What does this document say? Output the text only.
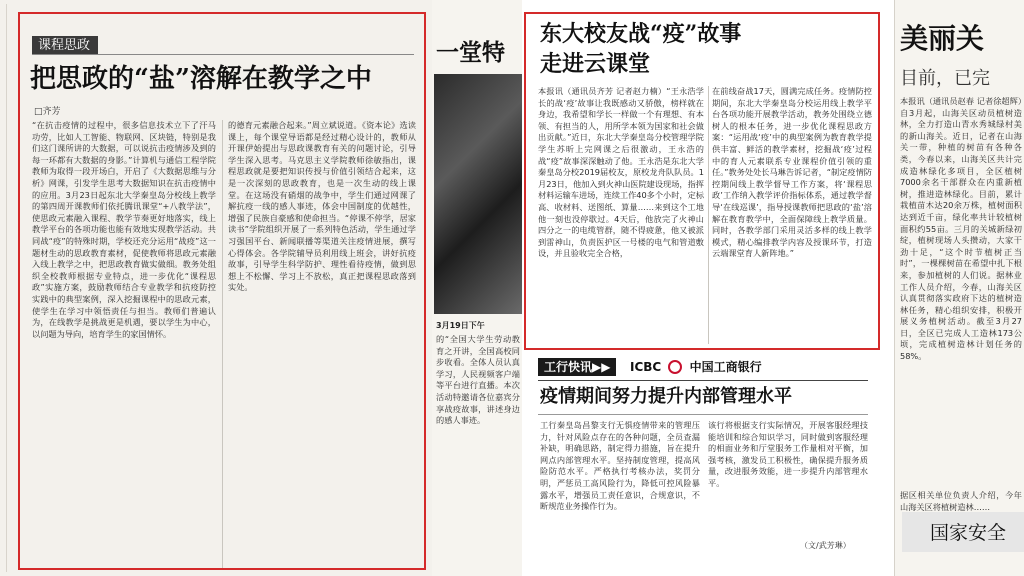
课程思政
把思政的“盐”溶解在教学之中
□齐芳
“在抗击疫情的过程中，很多信息技术立下了汗马功劳，比如人工智能、物联网、区块链，特别是我们这门课所讲的大数据，可以说抗击疫情涉及到的每一环都有大数据的身影。”计算机与通信工程学院教师为取得一段开场白，开启了《大数据思维与分析》网课，引发学生思考大数据知识在抗击疫情中的应用。3月23日起东北大学秦皇岛分校线上教学的第四周开课教师们依托腾讯课堂“+八教学法”，使思政元素融入课程、教学节奏更好地落实，线上教学平台的各项功能也能有效地实现教学活动。共同战“疫”的特殊时期，学校还充分运用“战疫”这一题材生动的思政教育素材，促使教师将思政元素融入线上教学之中，把思政教育做实做细。教务处组织全校教师根据专业特点，进一步优化“课程思政”实施方案，鼓励教师结合专业教学和抗疫防控实践中的典型案例，深入挖掘课程中的思政元素，使学生在学习中领悟责任与担当。教师们普遍认为，在线教学是挑战更是机遇，要以学生为中心，以问题为导向，培育学生的家国情怀。
的德育元素融合起来。”周立斌说道。《资本论》选读课上，每个课堂导语都是经过精心设计的，教师从开课伊始提出与思政课教育有关的问题讨论，引导学生深入思考。马克思主义学院教师徐敏指出，课程思政就是要把知识传授与价值引领结合起来，这是一次深刻的思政教育，也是一次生动的线上课堂。在这场没有硝烟的战争中，学生们通过网课了解抗疫一线的感人事迹，体会中国制度的优越性，增强了民族自豪感和使命担当。“停课不停学，居家读书”学院组织开展了一系列特色活动，学生通过学习强国平台、新闻联播等渠道关注疫情进展，撰写心得体会。各学院辅导员利用线上班会，讲好抗疫故事，引导学生科学防护、理性看待疫情，做到思想上不松懈、学习上不放松，真正把课程思政落到实处。
一堂特
3月19日下午
的“全国大学生劳动教育之开讲，全国高校同步收看。全体人员认真学习，人民视频客户端等平台进行直播。本次活动特邀请各位嘉宾分享战疫故事，讲述身边的感人事迹。
东大校友战“疫”故事
走进云课堂
本报讯（通讯员齐芳 记者赵力楠）“王永浩学长的战‘疫’故事让我既感动又骄傲，榜样就在身边，我希望和学长一样做一个有理想、有本领、有担当的人，用所学本领为国家和社会做出贡献。”近日，东北大学秦皇岛分校管理学院学生苏昕上完网课之后很激动，王永浩的战“疫”故事深深触动了他。王永浩是东北大学秦皇岛分校2019届校友，原校龙舟队队员。1月23日，他加入到火神山医院建设现场，指挥材料运输车进场，连续工作40多个小时，定标高、收材料、送图纸、算量……来到这个工地他一刻也没停歇过。4天后，他放完了火神山四分之一的电缆管群，随不得疲惫，他又被派到雷神山，负责医护区一号楼的电气和管道敷设，并且验收完全合格，
在前线奋战17天，圆满完成任务。疫情防控期间，东北大学秦皇岛分校运用线上教学平台各项功能开展教学活动，教务处围绕立德树人的根本任务，进一步优化课程思政方案：“运用战‘疫’中的典型案例为教育教学提供丰富、鲜活的教学素材，挖掘战‘疫’过程中的育人元素联系专业课程价值引领的重任。”教务处处长马琳告诉记者，“制定疫情防控期间线上教学督导工作方案，将‘课程思政’工作纳入教学评价指标体系，通过教学督导‘在线巡课’，指导授课教师把思政的‘盐’溶解在教育教学中，全面保障线上教学质量。同时，各教学部门采用灵活多样的线上教学模式，精心编排教学内容及授课环节，打造云端课堂育人新阵地。”
工行快讯▶▶	ICBC 中国工商银行
疫情期间努力提升内部管理水平
工行秦皇岛昌黎支行无惧疫情带来的管理压力，针对风险点存在的各种问题，全员查漏补缺，明确思路，制定得力措施，旨在提升网点内部管理水平。坚持制度管理，提高风险防范水平。严格执行考核办法，奖罚分明，严惩员工高风险行为，降低可控风险暴露水平，增强员工责任意识，合规意识，不断规范业务操作行为。
该行将根据支行实际情况，开展客服经理技能培训和综合知识学习，同时做到客服经理的相面业务和厅堂服务工作量相对平衡，加强考核，激发员工积极性，确保提升服务质量，改进服务效能，进一步提升内部管理水平。
（文/武芳琳）
美丽关
目前，已完
本报讯（通讯员赵春 记者徐超辉）自3月起，山海关区动员植树造林，全力打造山青水秀城绿村美的新山海关。近日，记者在山海关一带，种植的树苗有各种各类，今春以来，山海关区共计完成造林绿化多项目，全区植树7000余名干部群众在内重新植树，推进造林绿化。目前，累计栽植苗木达20余万株，植树面积达到近千亩，绿化率共计较植树面积约55亩。三月的关城新绿初绽，植树现场人头攒动，大家干劲十足，“这个时节植树正当时”，一棵棵树苗在希望中扎下根来，参加植树的人们说。据林业工作人员介绍，今春，山海关区认真贯彻落实政府下达的植树造林任务，精心组织安排，积极开展义务植树活动。截至3月27日，全区已完成人工造林173公顷，完成植树造林计划任务的58%。
据区相关单位负责人介绍，今年山海关区将植树造林……
国家安全
